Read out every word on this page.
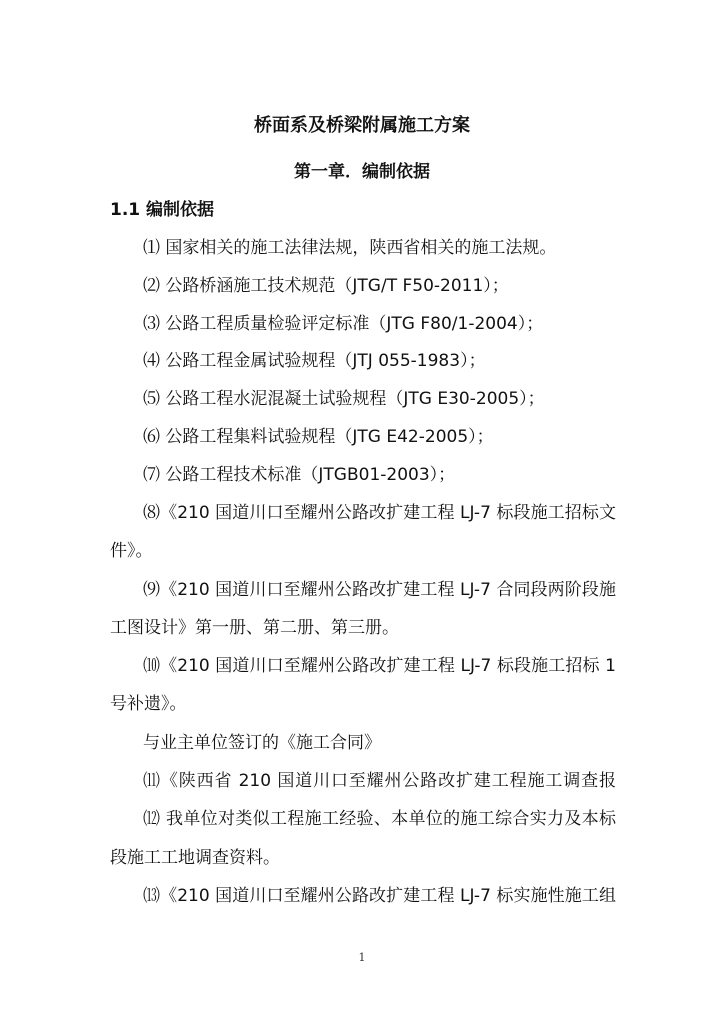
桥面系及桥梁附属施工方案
第一章．编制依据
1.1 编制依据
⑴ 国家相关的施工法律法规，陕西省相关的施工法规。
⑵ 公路桥涵施工技术规范（JTG/T F50-2011）；
⑶ 公路工程质量检验评定标准（JTG F80/1-2004）；
⑷ 公路工程金属试验规程（JTJ 055-1983）；
⑸ 公路工程水泥混凝土试验规程（JTG E30-2005）；
⑹ 公路工程集料试验规程（JTG E42-2005）；
⑺ 公路工程技术标准（JTGB01-2003）；
⑻《210 国道川口至耀州公路改扩建工程 LJ-7 标段施工招标文
件》。
⑼《210 国道川口至耀州公路改扩建工程 LJ-7 合同段两阶段施
工图设计》第一册、第二册、第三册。
⑽《210 国道川口至耀州公路改扩建工程 LJ-7 标段施工招标 1
号补遗》。
与业主单位签订的《施工合同》
⑾《陕西省 210 国道川口至耀州公路改扩建工程施工调查报
⑿ 我单位对类似工程施工经验、本单位的施工综合实力及本标
段施工工地调查资料。
⒀《210 国道川口至耀州公路改扩建工程 LJ-7 标实施性施工组
1
